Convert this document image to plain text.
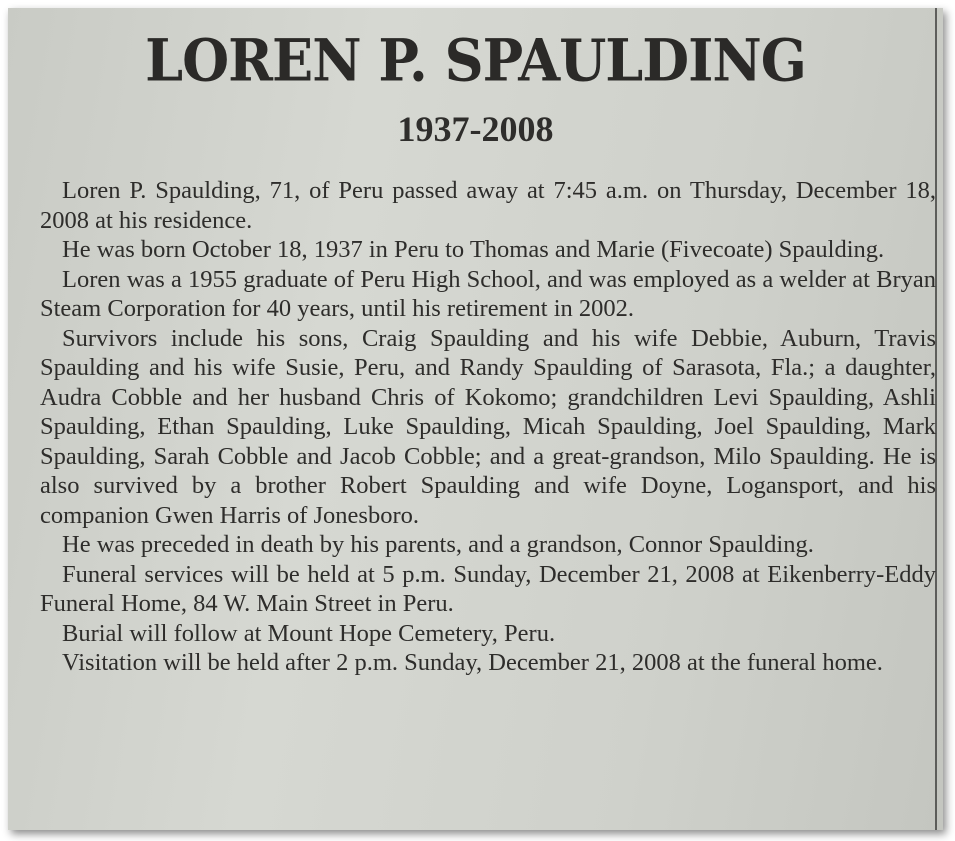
LOREN P. SPAULDING
1937-2008

Loren P. Spaulding, 71, of Peru passed away at 7:45 a.m. on Thursday, December 18, 2008 at his residence.

He was born October 18, 1937 in Peru to Thomas and Marie (Fivecoate) Spaulding.

Loren was a 1955 graduate of Peru High School, and was employed as a welder at Bryan Steam Corporation for 40 years, until his retirement in 2002.

Survivors include his sons, Craig Spaulding and his wife Debbie, Auburn, Travis Spaulding and his wife Susie, Peru, and Randy Spaulding of Sarasota, Fla.; a daughter, Audra Cobble and her husband Chris of Kokomo; grandchildren Levi Spaulding, Ashli Spaulding, Ethan Spaulding, Luke Spaulding, Micah Spaulding, Joel Spaulding, Mark Spaulding, Sarah Cobble and Jacob Cobble; and a great-grandson, Milo Spaulding. He is also survived by a brother Robert Spaulding and wife Doyne, Logansport, and his companion Gwen Harris of Jonesboro.

He was preceded in death by his parents, and a grandson, Connor Spaulding.

Funeral services will be held at 5 p.m. Sunday, December 21, 2008 at Eikenberry-Eddy Funeral Home, 84 W. Main Street in Peru.

Burial will follow at Mount Hope Cemetery, Peru.

Visitation will be held after 2 p.m. Sunday, December 21, 2008 at the funeral home.
